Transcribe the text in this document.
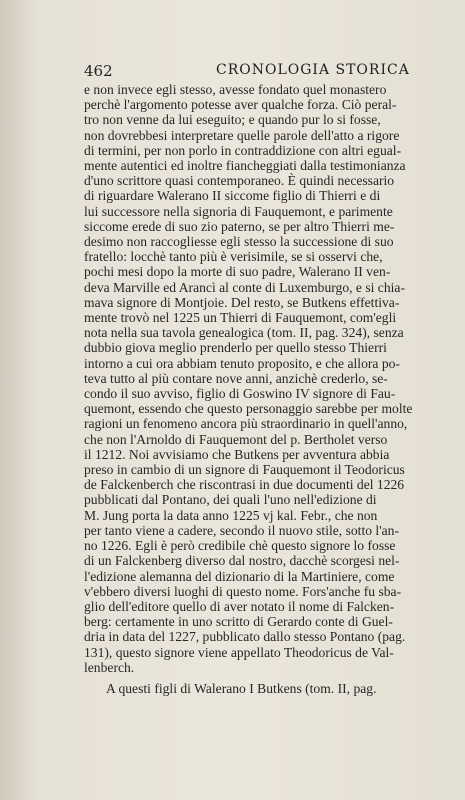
462	CRONOLOGIA STORICA
e non invece egli stesso, avesse fondato quel monastero
perchè l'argomento potesse aver qualche forza. Ciò peral-
tro non venne da lui eseguito; e quando pur lo si fosse,
non dovrebbesi interpretare quelle parole dell'atto a rigore
di termini, per non porlo in contraddizione con altri egual-
mente autentici ed inoltre fiancheggiati dalla testimonianza
d'uno scrittore quasi contemporaneo. È quindi necessario
di riguardare Walerano II siccome figlio di Thierri e di
lui successore nella signoria di Fauquemont, e parimente
siccome erede di suo zio paterno, se per altro Thierri me-
desimo non raccogliesse egli stesso la successione di suo
fratello: locchè tanto più è verisimile, se si osservi che,
pochi mesi dopo la morte di suo padre, Walerano II ven-
deva Marville ed Arancì al conte di Luxemburgo, e si chia-
mava signore di Montjoie. Del resto, se Butkens effettiva-
mente trovò nel 1225 un Thierri di Fauquemont, com'egli
nota nella sua tavola genealogica (tom. II, pag. 324), senza
dubbio giova meglio prenderlo per quello stesso Thierri
intorno a cui ora abbiam tenuto proposito, e che allora po-
teva tutto al più contare nove anni, anzichè crederlo, se-
condo il suo avviso, figlio di Goswino IV signore di Fau-
quemont, essendo che questo personaggio sarebbe per molte
ragioni un fenomeno ancora più straordinario in quell'anno,
che non l'Arnoldo di Fauquemont del p. Bertholet verso
il 1212. Noi avvisiamo che Butkens per avventura abbia
preso in cambio di un signore di Fauquemont il Teodoricus
de Falckenberch che riscontrasi in due documenti del 1226
pubblicati dal Pontano, dei quali l'uno nell'edizione di
M. Jung porta la data anno 1225 vj kal. Febr., che non
per tanto viene a cadere, secondo il nuovo stile, sotto l'an-
no 1226. Egli è però credibile chè questo signore lo fosse
di un Falckenberg diverso dal nostro, dacchè scorgesi nel-
l'edizione alemanna del dizionario di la Martiniere, come
v'ebbero diversi luoghi di questo nome. Fors'anche fu sba-
glio dell'editore quello di aver notato il nome di Falcken-
berg: certamente in uno scritto di Gerardo conte di Guel-
dria in data del 1227, pubblicato dallo stesso Pontano (pag.
131), questo signore viene appellato Theodoricus de Val-
lenberch.
A questi figli di Walerano I Butkens (tom. II, pag.
